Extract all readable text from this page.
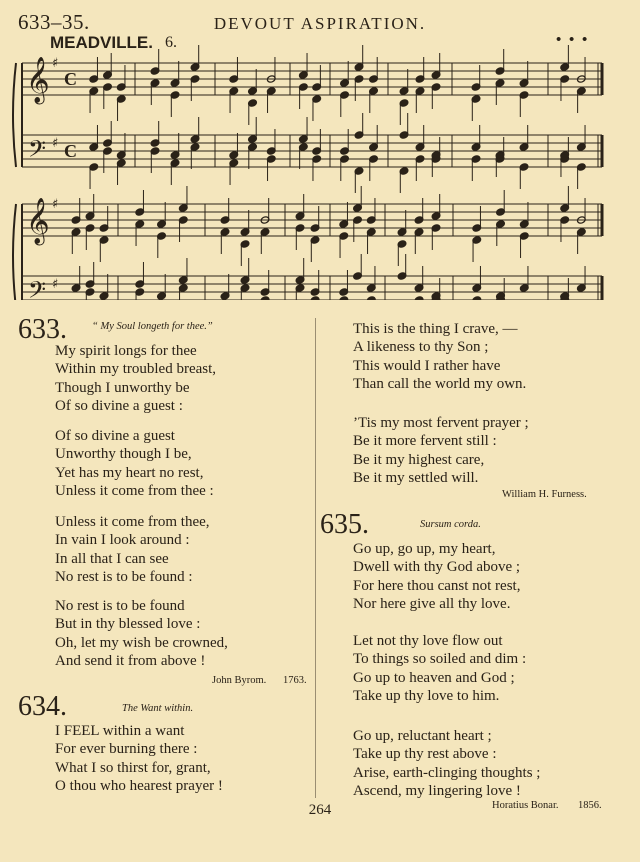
633–35.	DEVOUT ASPIRATION.
MEADVILLE. 6.	• • •
𝄞
𝄢
♯
♯
C
C
𝄞
𝄢
♯
♯
633. “ My Soul longeth for thee.”
My spirit longs for thee
Within my troubled breast,
Though I unworthy be
Of so divine a guest :
Of so divine a guest
Unworthy though I be,
Yet has my heart no rest,
Unless it come from thee :
Unless it come from thee,
In vain I look around :
In all that I can see
No rest is to be found :
No rest is to be found
But in thy blessed love :
Oh, let my wish be crowned,
And send it from above !
John Byrom. 1763.
634.	The Want within.
I FEEL within a want
For ever burning there :
What I so thirst for, grant,
O thou who hearest prayer !
This is the thing I crave, —
A likeness to thy Son ;
This would I rather have
Than call the world my own.
’Tis my most fervent prayer ;
Be it more fervent still :
Be it my highest care,
Be it my settled will.
William H. Furness.
635.	Sursum corda.
Go up, go up, my heart,
Dwell with thy God above ;
For here thou canst not rest,
Nor here give all thy love.
Let not thy love flow out
To things so soiled and dim :
Go up to heaven and God ;
Take up thy love to him.
Go up, reluctant heart ;
Take up thy rest above :
Arise, earth-clinging thoughts ;
Ascend, my lingering love !
Horatius Bonar. 1856.
264
